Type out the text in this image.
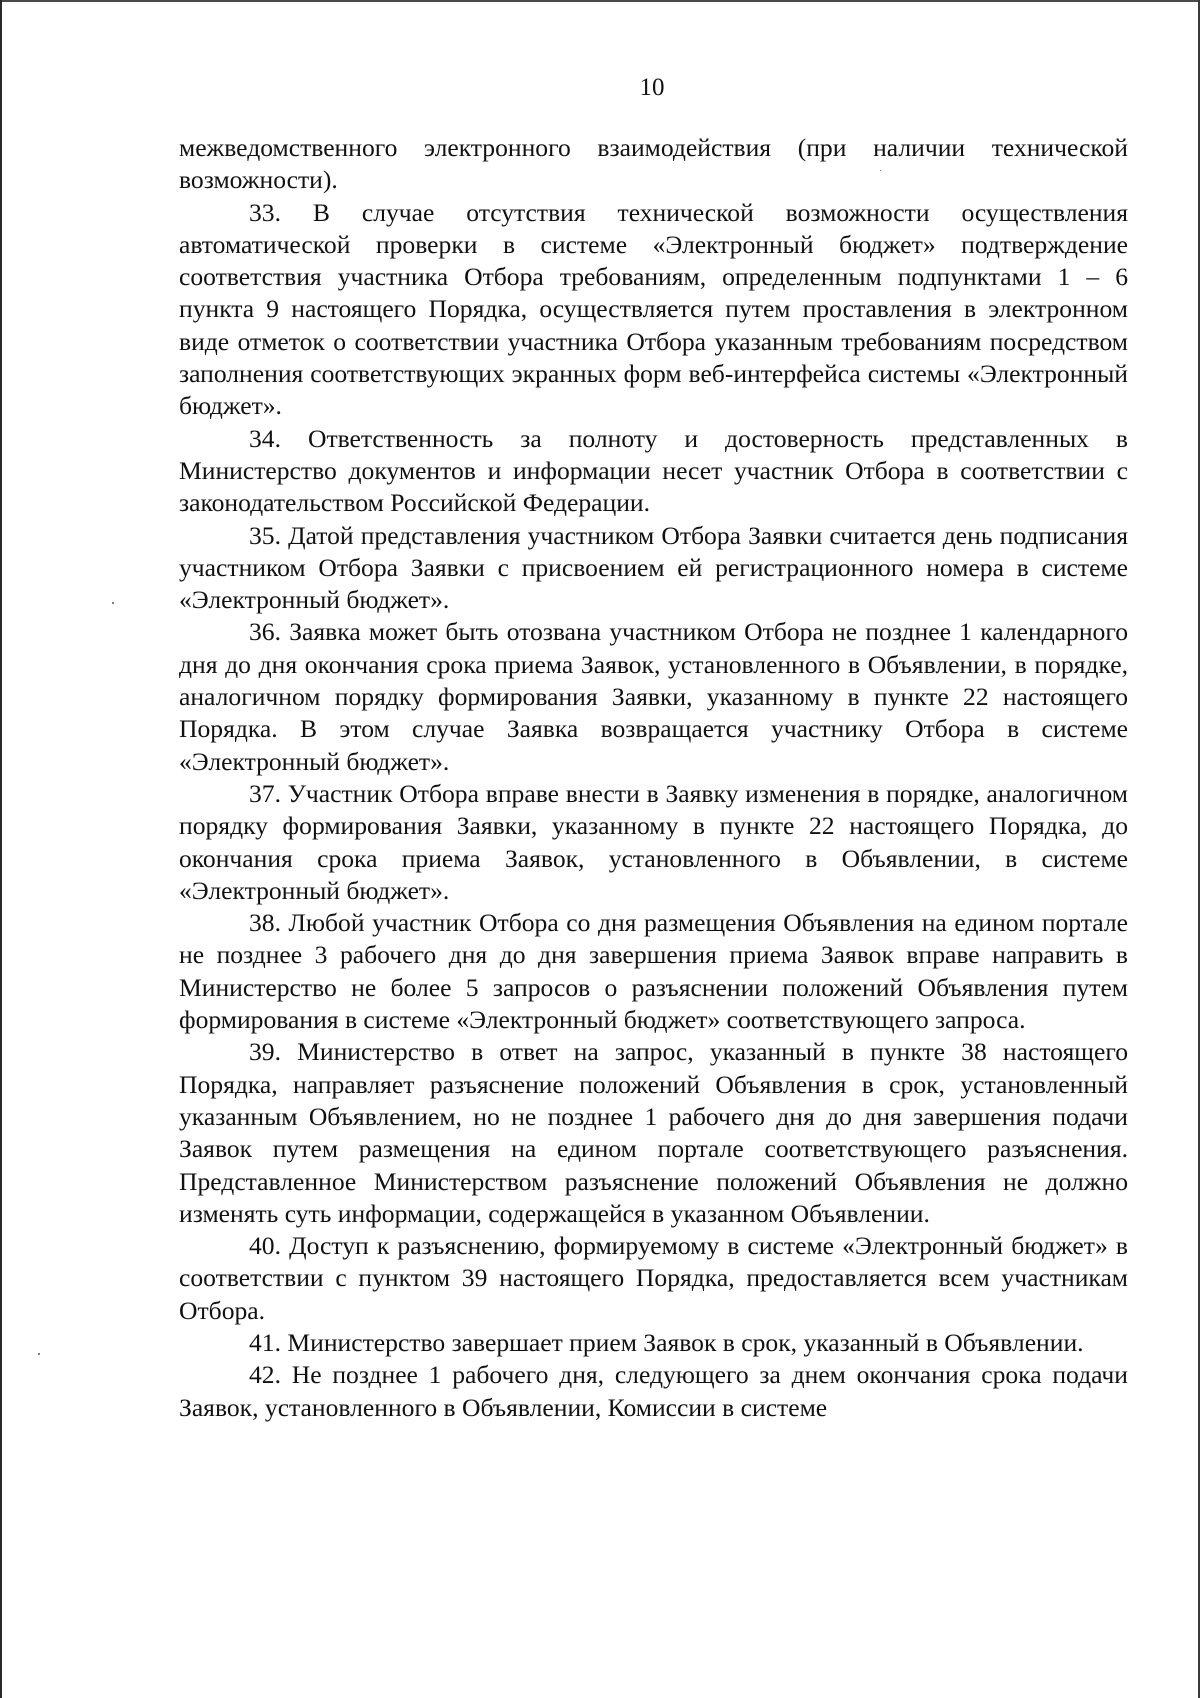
10

межведомственного электронного взаимодействия (при наличии технической возможности).

33. В случае отсутствия технической возможности осуществления автоматической проверки в системе «Электронный бюджет» подтверждение соответствия участника Отбора требованиям, определенным подпунктами 1 – 6 пункта 9 настоящего Порядка, осуществляется путем проставления в электронном виде отметок о соответствии участника Отбора указанным требованиям посредством заполнения соответствующих экранных форм веб-интерфейса системы «Электронный бюджет».

34. Ответственность за полноту и достоверность представленных в Министерство документов и информации несет участник Отбора в соответствии с законодательством Российской Федерации.

35. Датой представления участником Отбора Заявки считается день подписания участником Отбора Заявки с присвоением ей регистрационного номера в системе «Электронный бюджет».

36. Заявка может быть отозвана участником Отбора не позднее 1 календарного дня до дня окончания срока приема Заявок, установленного в Объявлении, в порядке, аналогичном порядку формирования Заявки, указанному в пункте 22 настоящего Порядка. В этом случае Заявка возвращается участнику Отбора в системе «Электронный бюджет».

37. Участник Отбора вправе внести в Заявку изменения в порядке, аналогичном порядку формирования Заявки, указанному в пункте 22 настоящего Порядка, до окончания срока приема Заявок, установленного в Объявлении, в системе «Электронный бюджет».

38. Любой участник Отбора со дня размещения Объявления на едином портале не позднее 3 рабочего дня до дня завершения приема Заявок вправе направить в Министерство не более 5 запросов о разъяснении положений Объявления путем формирования в системе «Электронный бюджет» соответствующего запроса.

39. Министерство в ответ на запрос, указанный в пункте 38 настоящего Порядка, направляет разъяснение положений Объявления в срок, установленный указанным Объявлением, но не позднее 1 рабочего дня до дня завершения подачи Заявок путем размещения на едином портале соответствующего разъяснения. Представленное Министерством разъяснение положений Объявления не должно изменять суть информации, содержащейся в указанном Объявлении.

40. Доступ к разъяснению, формируемому в системе «Электронный бюджет» в соответствии с пунктом 39 настоящего Порядка, предоставляется всем участникам Отбора.

41. Министерство завершает прием Заявок в срок, указанный в Объявлении.

42. Не позднее 1 рабочего дня, следующего за днем окончания срока подачи Заявок, установленного в Объявлении, Комиссии в системе
